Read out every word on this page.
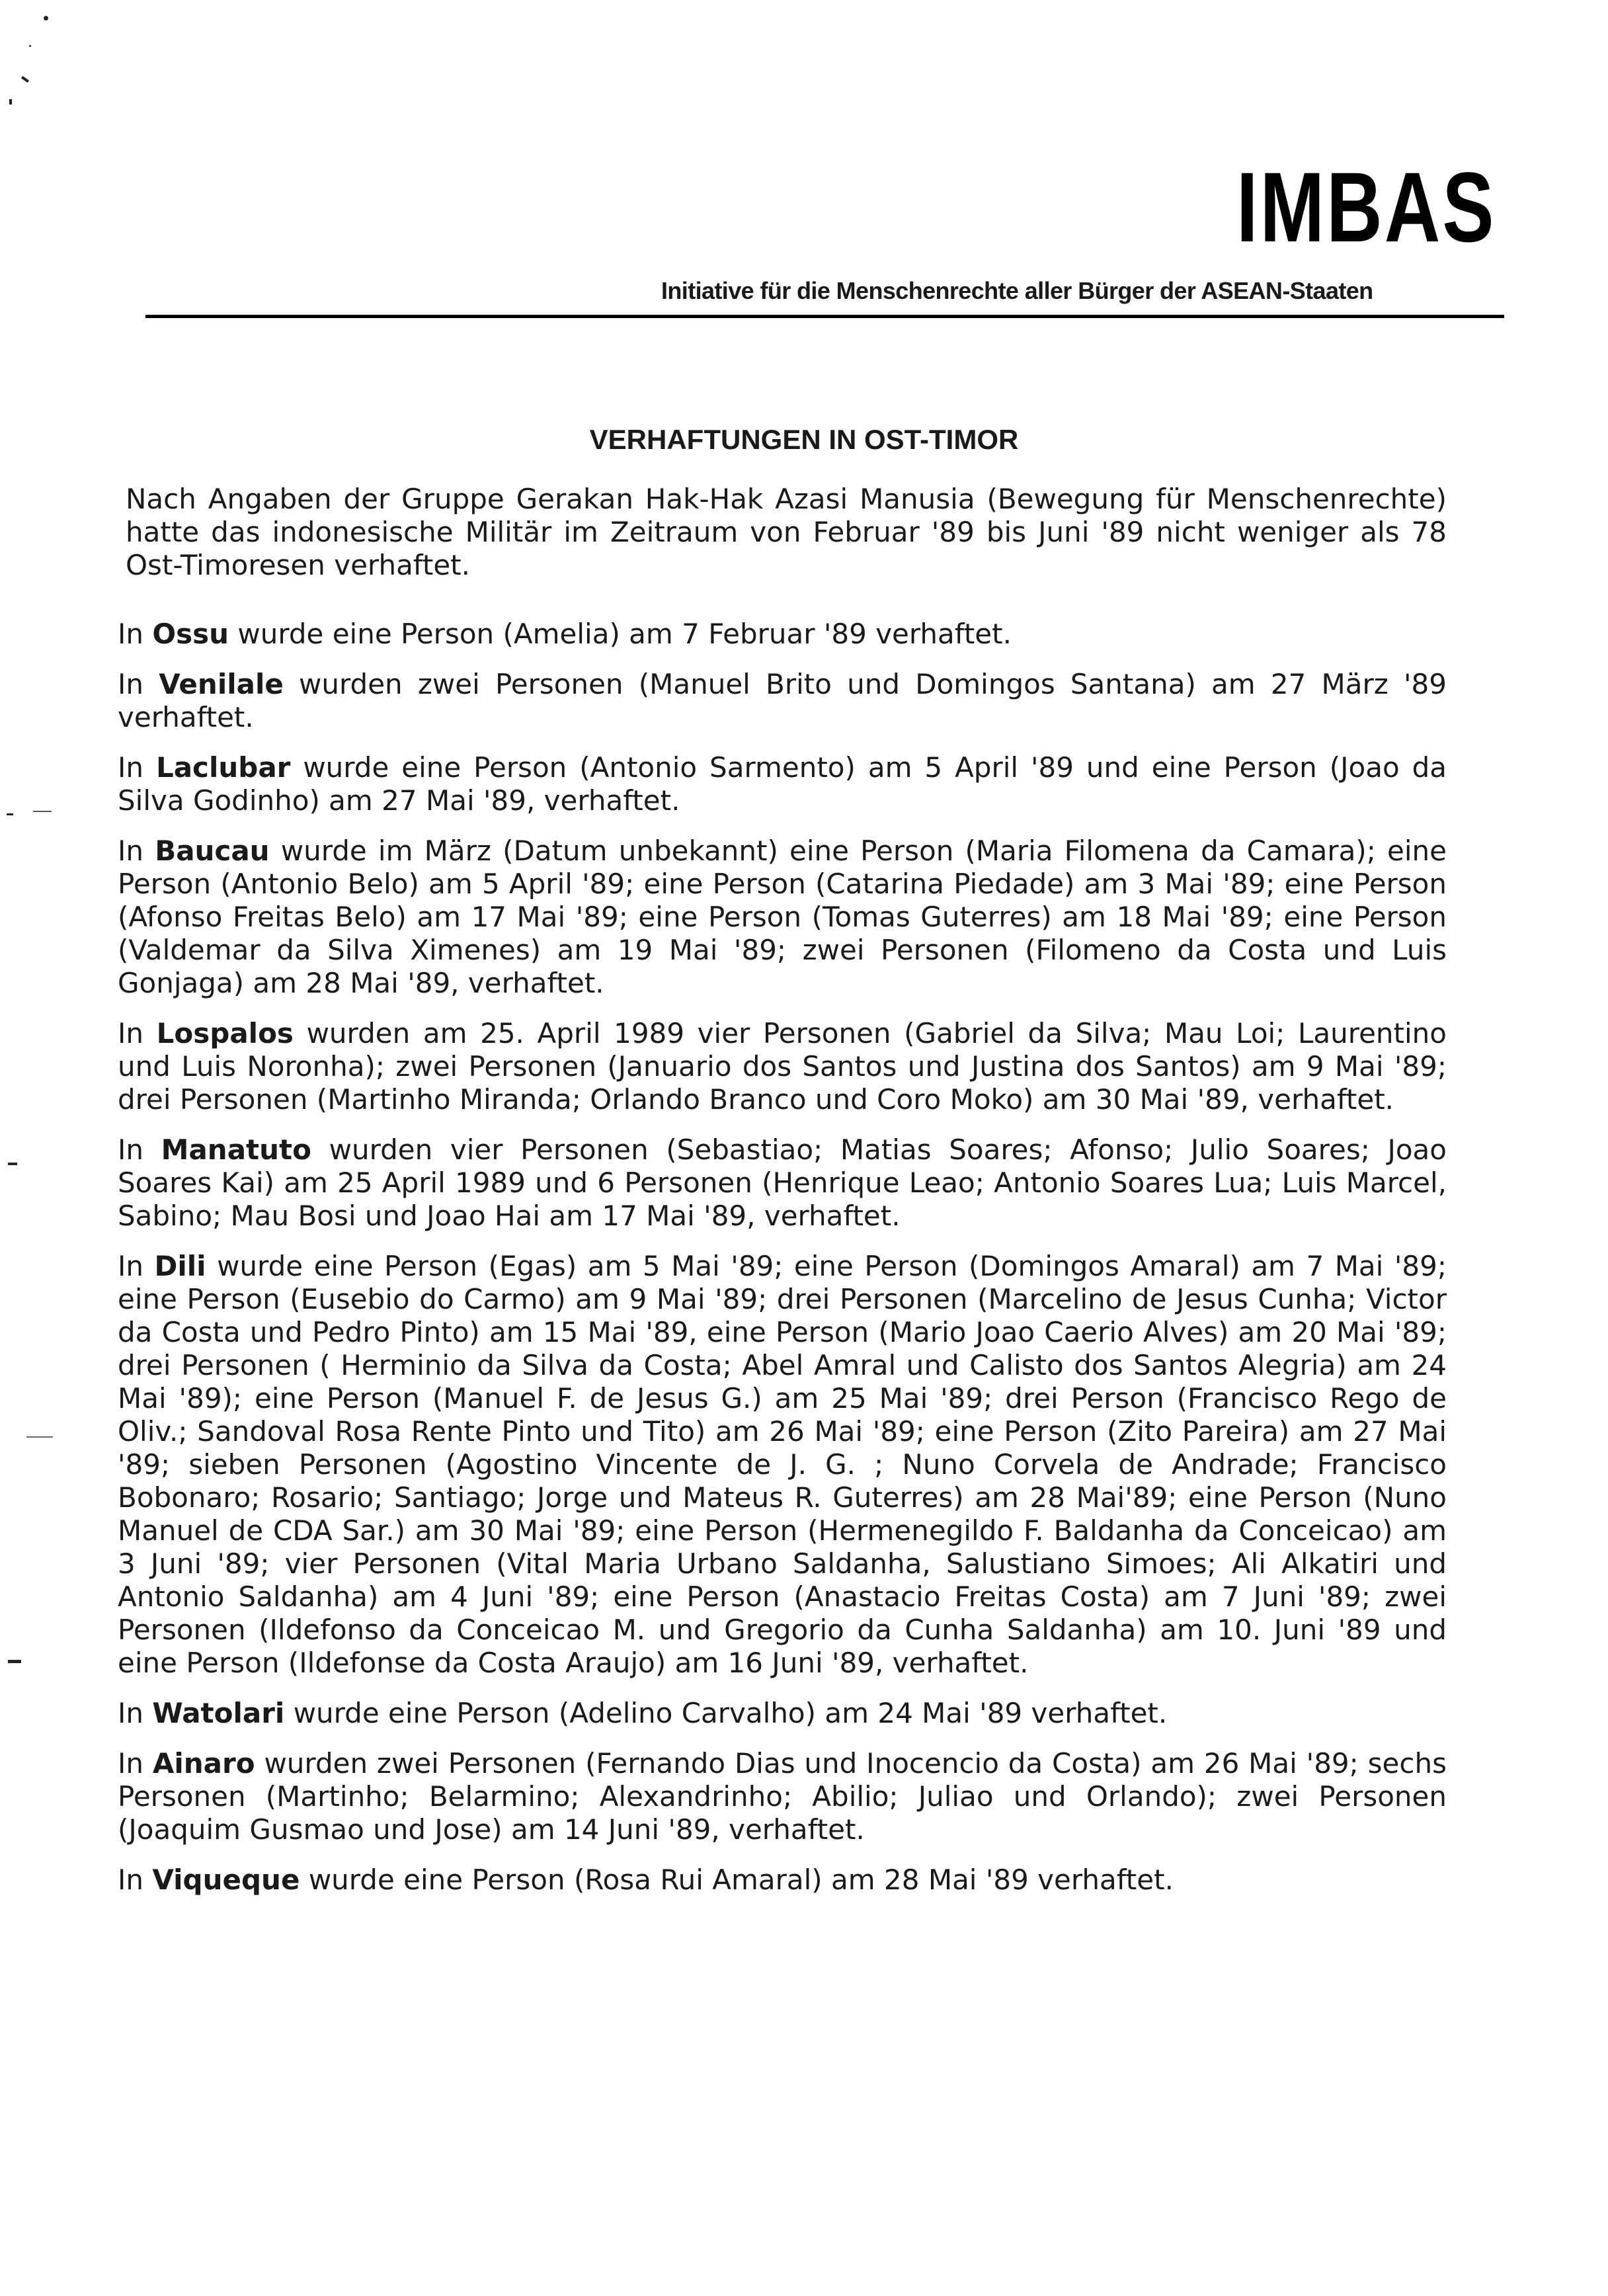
IMBAS
Initiative für die Menschenrechte aller Bürger der ASEAN-Staaten
VERHAFTUNGEN IN OST-TIMOR

Nach Angaben der Gruppe Gerakan Hak-Hak Azasi Manusia (Bewegung für Menschenrechte) hatte das indonesische Militär im Zeitraum von Februar '89 bis Juni '89 nicht weniger als 78 Ost-Timoresen verhaftet.

In Ossu wurde eine Person (Amelia) am 7 Februar '89 verhaftet.

In Venilale wurden zwei Personen (Manuel Brito und Domingos Santana) am 27 März '89 verhaftet.

In Laclubar wurde eine Person (Antonio Sarmento) am 5 April '89 und eine Person (Joao da Silva Godinho) am 27 Mai '89, verhaftet.

In Baucau wurde im März (Datum unbekannt) eine Person (Maria Filomena da Camara); eine Person (Antonio Belo) am 5 April '89; eine Person (Catarina Piedade) am 3 Mai '89; eine Person (Afonso Freitas Belo) am 17 Mai '89; eine Person (Tomas Guterres) am 18 Mai '89; eine Person (Valdemar da Silva Ximenes) am 19 Mai '89; zwei Personen (Filomeno da Costa und Luis Gonjaga) am 28 Mai '89, verhaftet.

In Lospalos wurden am 25. April 1989 vier Personen (Gabriel da Silva; Mau Loi; Laurentino und Luis Noronha); zwei Personen (Januario dos Santos und Justina dos Santos) am 9 Mai '89; drei Personen (Martinho Miranda; Orlando Branco und Coro Moko) am 30 Mai '89, verhaftet.

In Manatuto wurden vier Personen (Sebastiao; Matias Soares; Afonso; Julio Soares; Joao Soares Kai) am 25 April 1989 und 6 Personen (Henrique Leao; Antonio Soares Lua; Luis Marcel, Sabino; Mau Bosi und Joao Hai am 17 Mai '89, verhaftet.

In Dili wurde eine Person (Egas) am 5 Mai '89; eine Person (Domingos Amaral) am 7 Mai '89; eine Person (Eusebio do Carmo) am 9 Mai '89; drei Personen (Marcelino de Jesus Cunha; Victor da Costa und Pedro Pinto) am 15 Mai '89, eine Person (Mario Joao Caerio Alves) am 20 Mai '89; drei Personen ( Herminio da Silva da Costa; Abel Amral und Calisto dos Santos Alegria) am 24 Mai '89); eine Person (Manuel F. de Jesus G.) am 25 Mai '89; drei Person (Francisco Rego de Oliv.; Sandoval Rosa Rente Pinto und Tito) am 26 Mai '89; eine Person (Zito Pareira) am 27 Mai '89; sieben Personen (Agostino Vincente de J. G. ; Nuno Corvela de Andrade; Francisco Bobonaro; Rosario; Santiago; Jorge und Mateus R. Guterres) am 28 Mai'89; eine Person (Nuno Manuel de CDA Sar.) am 30 Mai '89; eine Person (Hermenegildo F. Baldanha da Conceicao) am 3 Juni '89; vier Personen (Vital Maria Urbano Saldanha, Salustiano Simoes; Ali Alkatiri und Antonio Saldanha) am 4 Juni '89; eine Person (Anastacio Freitas Costa) am 7 Juni '89; zwei Personen (Ildefonso da Conceicao M. und Gregorio da Cunha Saldanha) am 10. Juni '89 und eine Person (Ildefonse da Costa Araujo) am 16 Juni '89, verhaftet.

In Watolari wurde eine Person (Adelino Carvalho) am 24 Mai '89 verhaftet.

In Ainaro wurden zwei Personen (Fernando Dias und Inocencio da Costa) am 26 Mai '89; sechs Personen (Martinho; Belarmino; Alexandrinho; Abilio; Juliao und Orlando); zwei Personen (Joaquim Gusmao und Jose) am 14 Juni '89, verhaftet.

In Viqueque wurde eine Person (Rosa Rui Amaral) am 28 Mai '89 verhaftet.
